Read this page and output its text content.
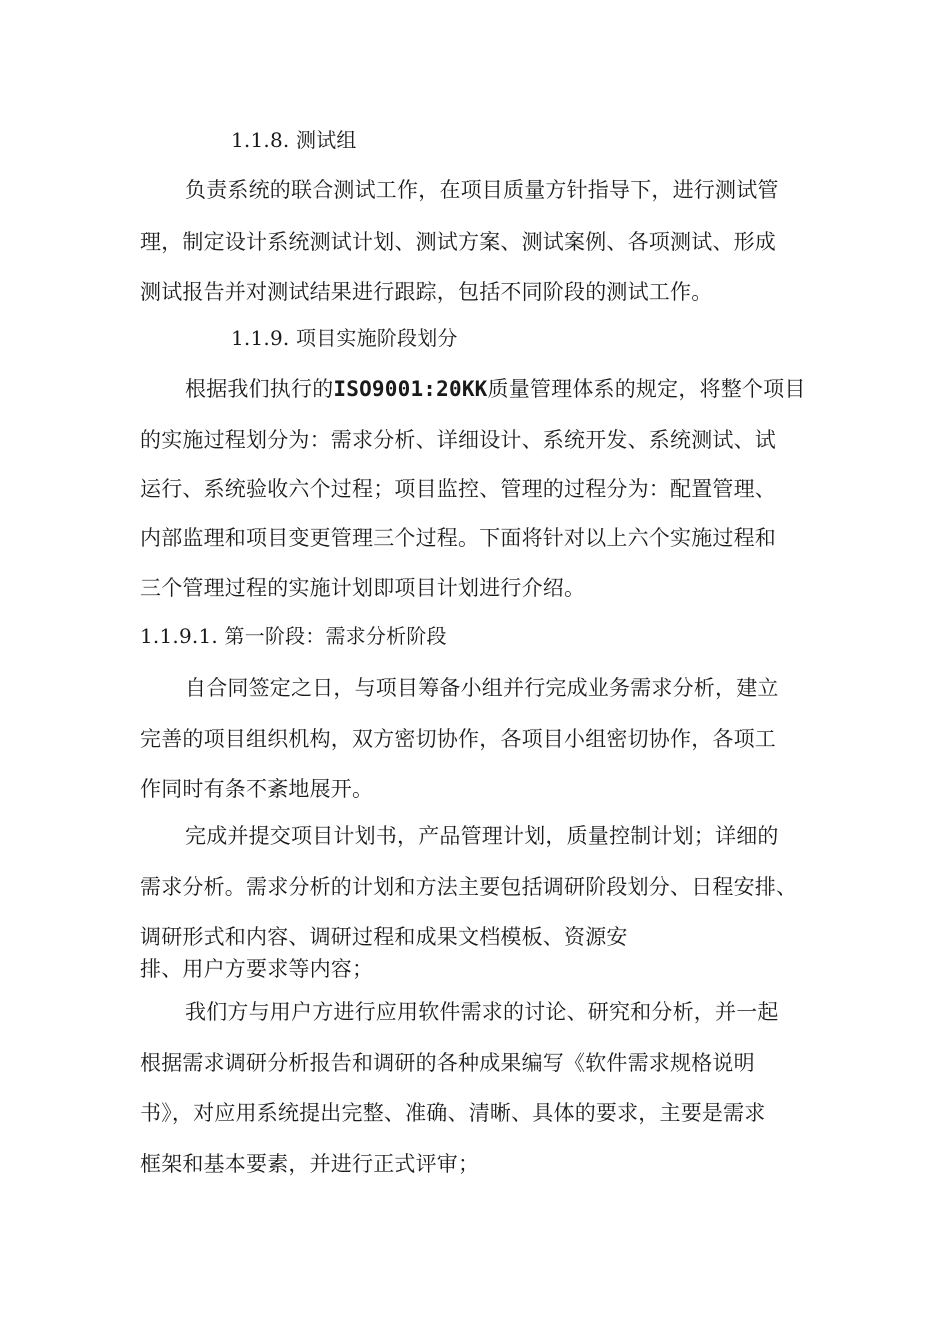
1.1.8. 测试组
负责系统的联合测试工作，在项目质量方针指导下，进行测试管
理，制定设计系统测试计划、测试方案、测试案例、各项测试、形成
测试报告并对测试结果进行跟踪，包括不同阶段的测试工作。
1.1.9. 项目实施阶段划分
根据我们执行的ISO9001:20KK质量管理体系的规定，将整个项目
的实施过程划分为：需求分析、详细设计、系统开发、系统测试、试
运行、系统验收六个过程；项目监控、管理的过程分为：配置管理、
内部监理和项目变更管理三个过程。下面将针对以上六个实施过程和
三个管理过程的实施计划即项目计划进行介绍。
1.1.9.1. 第一阶段：需求分析阶段
自合同签定之日，与项目筹备小组并行完成业务需求分析，建立
完善的项目组织机构，双方密切协作，各项目小组密切协作，各项工
作同时有条不紊地展开。
完成并提交项目计划书，产品管理计划，质量控制计划；详细的
需求分析。需求分析的计划和方法主要包括调研阶段划分、日程安排、
调研形式和内容、调研过程和成果文档模板、资源安
排、用户方要求等内容；
我们方与用户方进行应用软件需求的讨论、研究和分析，并一起
根据需求调研分析报告和调研的各种成果编写《软件需求规格说明
书》，对应用系统提出完整、准确、清晰、具体的要求，主要是需求
框架和基本要素，并进行正式评审；
